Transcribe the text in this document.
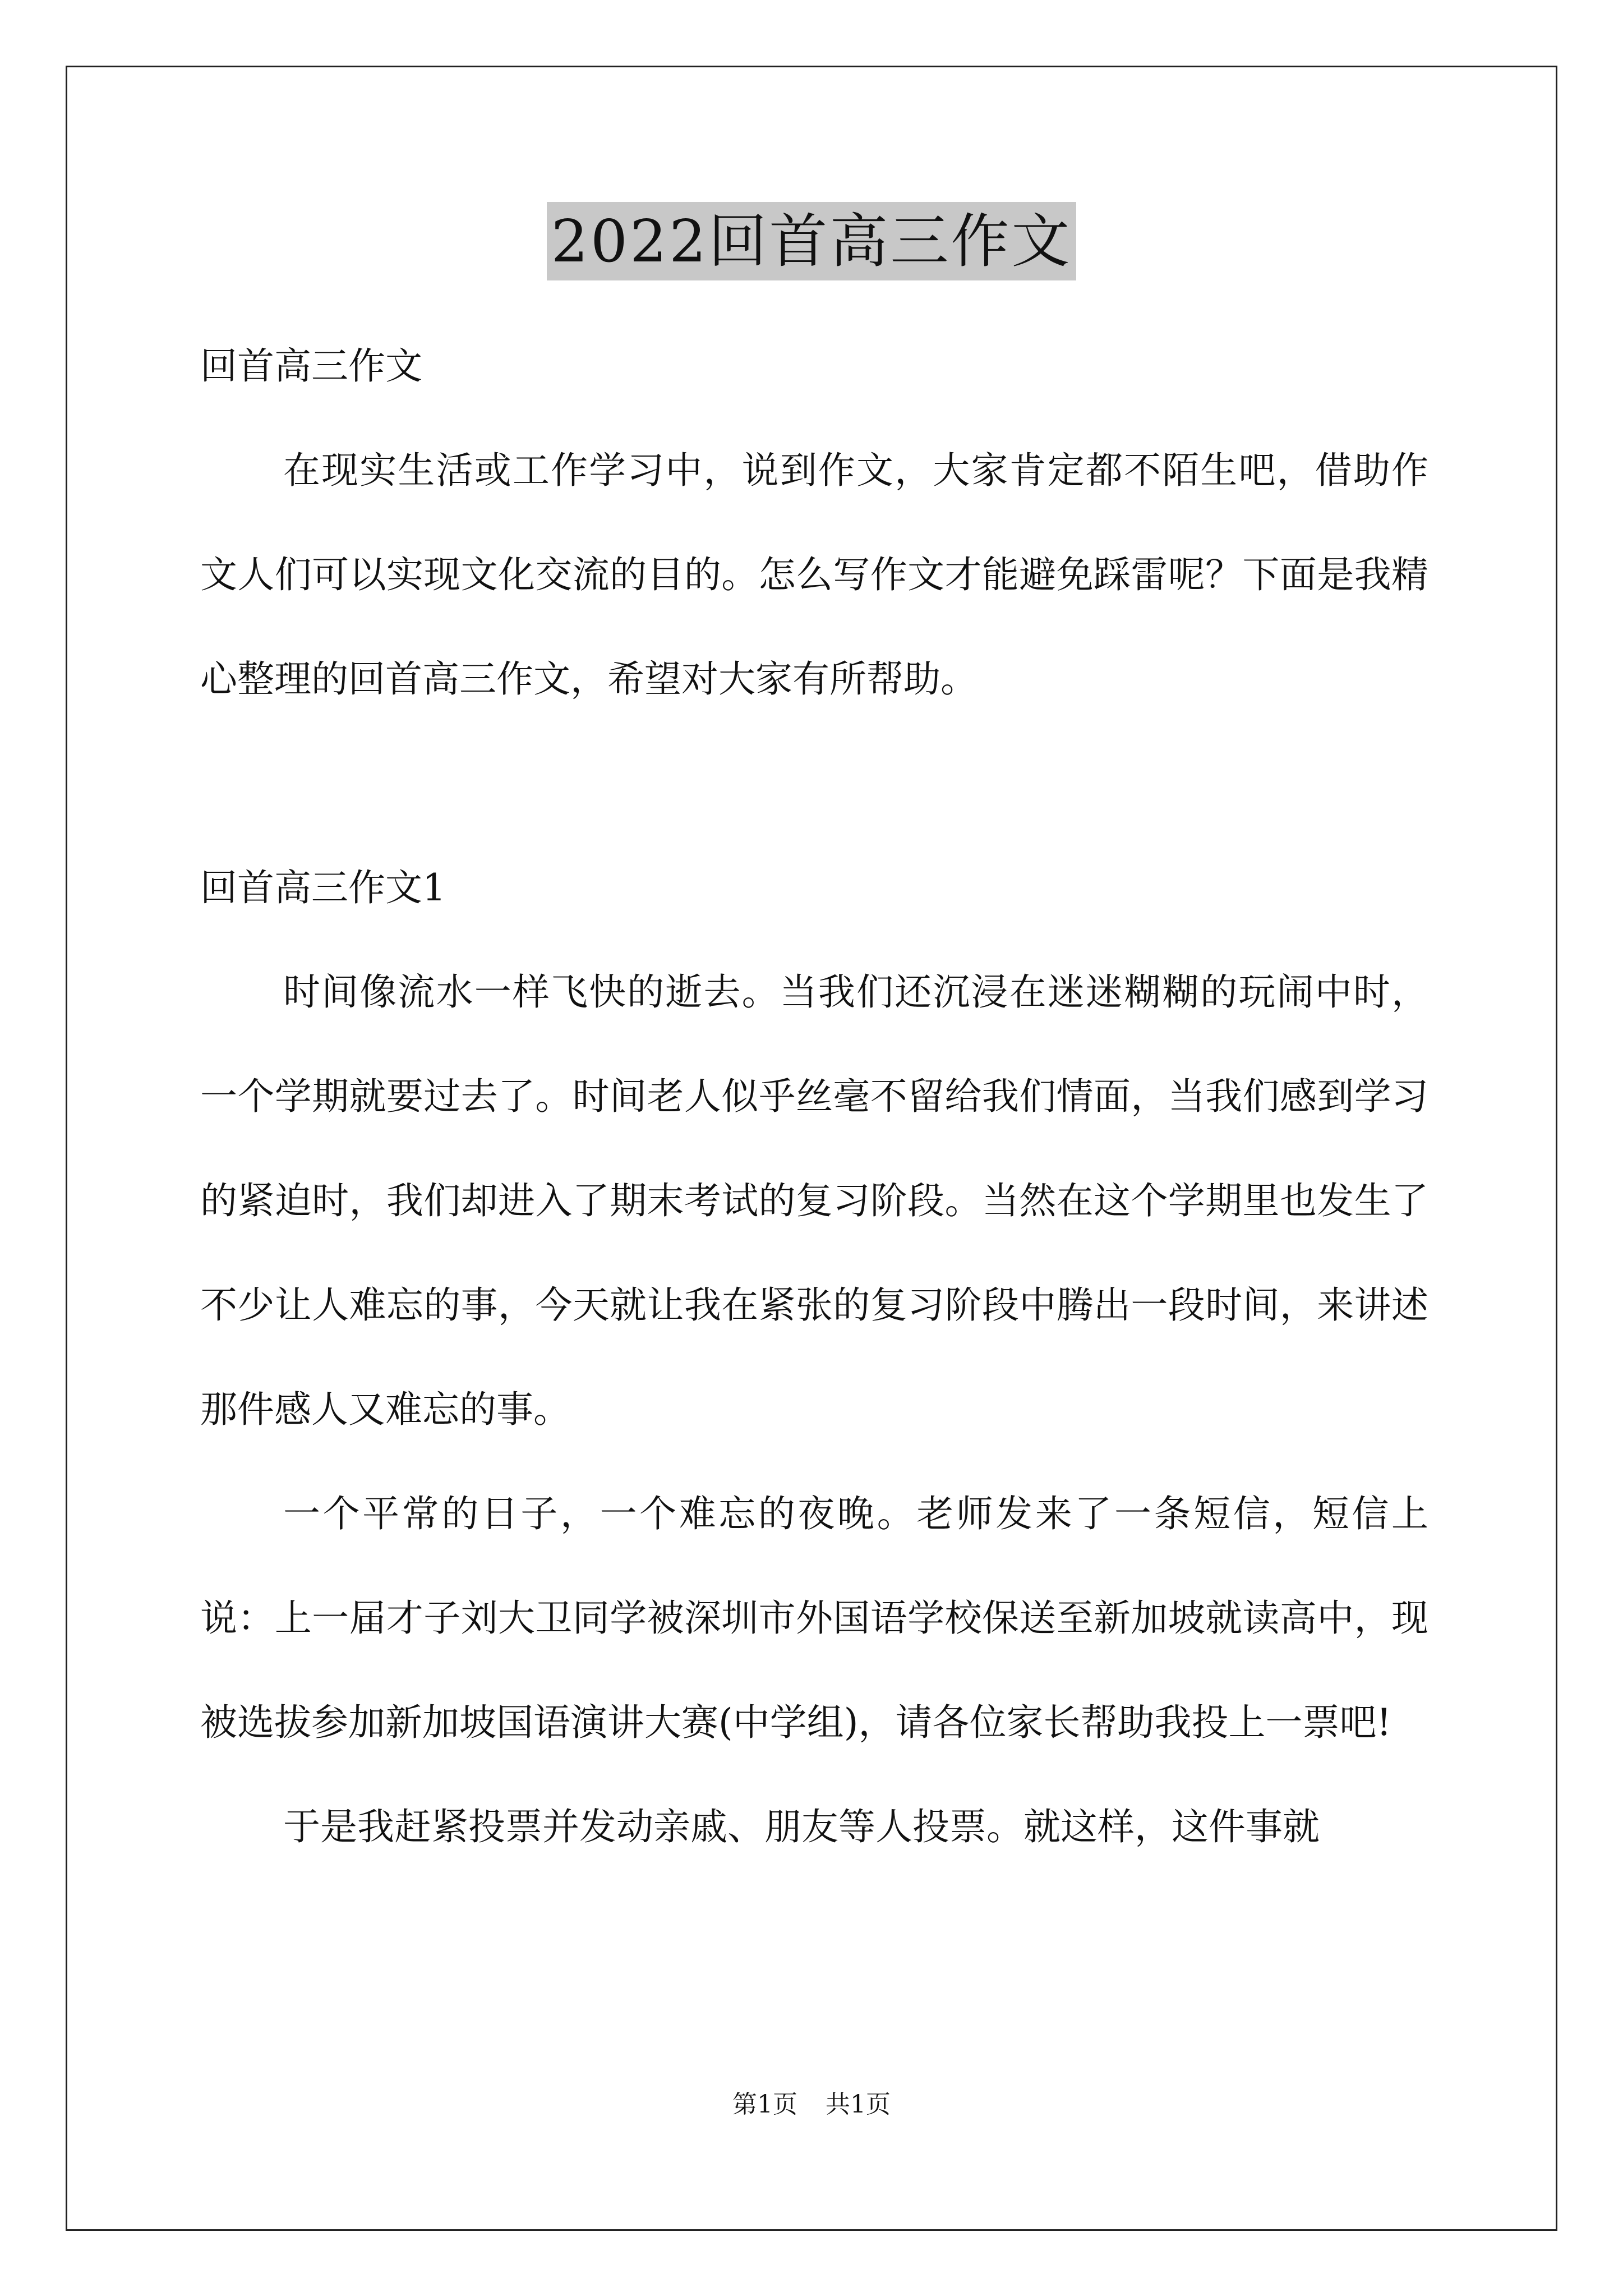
2022回首高三作文

回首高三作文

在现实生活或工作学习中，说到作文，大家肯定都不陌生吧，借助作文人们可以实现文化交流的目的。怎么写作文才能避免踩雷呢？下面是我精心整理的回首高三作文，希望对大家有所帮助。

回首高三作文1

时间像流水一样飞快的逝去。当我们还沉浸在迷迷糊糊的玩闹中时，一个学期就要过去了。时间老人似乎丝毫不留给我们情面，当我们感到学习的紧迫时，我们却进入了期末考试的复习阶段。当然在这个学期里也发生了不少让人难忘的事，今天就让我在紧张的复习阶段中腾出一段时间，来讲述那件感人又难忘的事。

一个平常的日子，一个难忘的夜晚。老师发来了一条短信，短信上说：上一届才子刘大卫同学被深圳市外国语学校保送至新加坡就读高中，现被选拔参加新加坡国语演讲大赛(中学组)，请各位家长帮助我投上一票吧!

于是我赶紧投票并发动亲戚、朋友等人投票。就这样，这件事就

第1页 共1页
